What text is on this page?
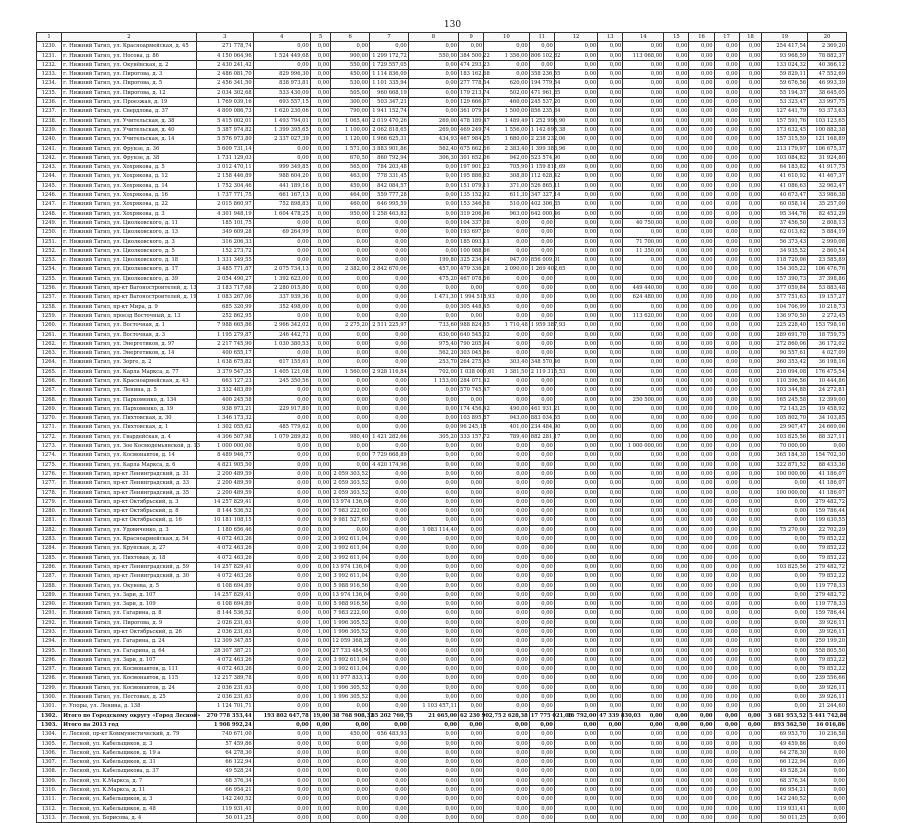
130
1	2	3	4	5	6	7	8	9	10	11	12	13	14	15	16	17	18	19	20
1230.	г. Нижний Тагил, ул. Красноармейская, д. 45	271 778,74	0,00	0,00	0,00	0,00	0,00	0,00	0,00	0,00	0,00	0,00	0,00	0,00	0,00	0,00	0,00	254 417,54	2 369,20
1231.	г. Нижний Тагил, ул. Носова, д. 86	4 150 064,96	1 524 449,68	0,00	900,00	1 299 172,72	550,00	384 500,22	1 356,00	806 102,82	0,00	0,00	113 068,00	0,00	0,00	0,00	0,00	93 968,59	78 882,37
1232.	г. Нижний Тагил, ул. Окунёвская, д. 2	2 430 241,42	0,00	0,00	550,00	1 729 557,05	0,00	474 293,23	0,00	0,00	0,00	0,00	0,00	0,00	0,00	0,00	0,00	133 024,32	40 366,12
1233.	г. Нижний Тагил, ул. Пирогова, д. 3	2 486 081,70	829 996,30	0,00	450,00	1 114 836,09	0,00	183 162,68	0,00	358 236,55	0,00	0,00	0,00	0,00	0,00	0,00	0,00	59 829,11	47 552,69
1234.	г. Нижний Тагил, ул. Пирогова, д. 5	2 456 341,50	838 973,81	0,00	530,00	1 101 335,94	0,00	277 778,54	620,00	194 779,54	0,00	0,00	0,00	0,00	0,00	0,00	0,00	59 676,56	46 993,39
1235.	г. Нижний Тагил, ул. Пирогова, д. 12	2 034 302,68	533 430,09	0,00	505,00	960 668,19	0,00	179 213,74	502,00	471 961,85	0,00	0,00	0,00	0,00	0,00	0,00	0,00	55 194,37	38 645,05
1236.	г. Нижний Тагил, ул. Проезжая, д. 19	1 769 039,16	693 557,15	0,00	300,00	503 347,21	0,00	129 666,07	460,00	245 537,20	0,00	0,00	0,00	0,00	0,00	0,00	0,00	53 323,47	33 997,75
1237.	г. Нижний Тагил, ул. Свердлова, д. 37	4 809 086,73	1 620 230,06	0,00	790,00	1 941 152,74	0,00	361 079,04	1 500,00	856 235,84	0,00	0,00	0,00	0,00	0,00	0,00	0,00	127 441,79	93 373,63
1238.	г. Нижний Тагил, ул. Учительская, д. 38	5 415 002,01	1 493 794,01	0,00	1 065,40	2 019 470,26	269,00	478 189,47	1 489,49	1 252 996,90	0,00	0,00	0,00	0,00	0,00	0,00	0,00	157 591,76	103 123,65
1239.	г. Нижний Тагил, ул. Учительская, д. 40	5 387 974,82	1 399 395,65	0,00	1 100,00	2 062 818,65	269,00	469 249,74	1 556,00	1 142 695,38	0,00	0,00	0,00	0,00	0,00	0,00	0,00	173 632,45	100 882,38
1240.	г. Нижний Тагил, ул. Учительская, д. 14	5 576 973,80	2 337 027,39	0,00	1 120,00	1 966 625,31	434,93	467 984,25	1 680,00	2 238 232,06	0,00	0,00	0,00	0,00	0,00	0,00	0,00	157 315,59	121 168,89
1241.	г. Нижний Тагил, ул. Фрунзе, д. 36	5 609 731,14	0,00	0,00	1 571,00	3 883 901,86	562,40	675 662,56	2 383,40	1 399 383,96	0,00	0,00	0,00	0,00	0,00	0,00	0,00	213 179,97	106 675,37
1242.	г. Нижний Тагил, ул. Фрунзе, д. 38	1 731 129,03	0,00	0,00	670,50	860 792,94	306,30	301 652,06	942,00	523 574,90	0,00	0,00	0,00	0,00	0,00	0,00	0,00	103 084,82	31 924,80
1243.	г. Нижний Тагил, ул. Хохрякова, д. 5	3 012 470,11	999 349,85	0,00	565,00	784 203,48	0,00	197 901,22	705,90	1 159 811,69	0,00	0,00	0,00	0,00	0,00	0,00	0,00	64 183,82	41 917,75
1244.	г. Нижний Тагил, ул. Хохрякова, д. 12	2 158 446,89	988 604,20	0,00	463,00	778 331,45	0,00	195 886,62	308,80	112 628,42	0,00	0,00	0,00	0,00	0,00	0,00	0,00	41 610,92	41 467,37
1245.	г. Нижний Тагил, ул. Хохрякова, д. 14	1 752 304,46	441 189,16	0,00	459,00	842 084,57	0,00	151 079,11	371,00	526 865,11	0,00	0,00	0,00	0,00	0,00	0,00	0,00	41 086,63	32 962,47
1246.	г. Нижний Тагил, ул. Хохрякова, д. 16	1 737 771,75	661 167,13	0,00	464,00	559 777,28	0,00	135 152,92	611,30	347 327,14	0,00	0,00	0,00	0,00	0,00	0,00	0,00	40 673,47	33 986,38
1247.	г. Нижний Тагил, ул. Хохрякова, д. 22	2 015 860,97	752 898,83	0,00	460,00	646 995,59	0,00	153 346,58	510,00	402 306,35	0,00	0,00	0,00	0,00	0,00	0,00	0,00	60 058,14	35 257,09
1248.	г. Нижний Тагил, ул. Хохрякова, д. 3	4 301 948,19	1 604 478,25	0,00	950,00	1 258 463,82	0,00	319 206,96	963,00	642 000,46	0,00	0,00	0,00	0,00	0,00	0,00	0,00	95 344,76	82 452,29
1249.	г. Нижний Тагил, ул. Циолковского, д. 11	185 101,75	0,00	0,00	0,00	0,00	0,00	104 337,08	0,00	0,00	0,00	0,00	40 750,00	0,00	0,00	0,00	0,00	37 456,50	2 808,13
1250.	г. Нижний Тагил, ул. Циолковского, д. 13	349 609,28	69 264,99	0,00	0,00	0,00	0,00	193 697,26	0,00	0,00	0,00	0,00	0,00	0,00	0,00	0,00	0,00	62 013,62	5 884,19
1251.	г. Нижний Тагил, ул. Циолковского, д. 3	316 206,33	0,00	0,00	0,00	0,00	0,00	185 093,11	0,00	0,00	0,00	0,00	71 700,00	0,00	0,00	0,00	0,00	56 373,43	2 990,08
1252.	г. Нижний Тагил, ул. Циолковского, д. 5	152 273,72	0,00	0,00	0,00	0,00	0,00	100 988,66	0,00	0,00	0,00	0,00	11 350,00	0,00	0,00	0,00	0,00	34 935,52	2 860,54
1253.	г. Нижний Тагил, ул. Циолковского, д. 18	1 331 349,55	0,00	0,00	0,00	0,00	199,80	325 234,64	947,00	856 009,01	0,00	0,00	0,00	0,00	0,00	0,00	0,00	118 720,06	23 585,89
1254.	г. Нижний Тагил, ул. Циолковского, д. 17	3 485 771,87	2 075 734,13	0,00	2 382,00	2 842 670,06	457,00	479 336,28	2 090,00	1 269 402,65	0,00	0,00	0,00	0,00	0,00	0,00	0,00	154 305,22	106 476,76
1255.	г. Нижний Тагил, ул. Циолковского, д. 39	2 054 490,27	1 392 623,00	0,00	0,00	0,00	475,20	467 078,56	0,00	0,00	0,00	0,00	0,00	0,00	0,00	0,00	0,00	157 390,73	37 398,86
1256.	г. Нижний Тагил, пр-кт Вагоностроителей, д. 13	3 183 717,68	2 280 015,80	0,00	0,00	0,00	0,00	0,00	0,00	0,00	0,00	0,00	449 440,00	0,00	0,00	0,00	0,00	377 059,84	53 883,48
1257.	г. Нижний Тагил, пр-кт Вагоностроителей, д. 19	1 083 267,06	337 939,36	0,00	0,00	0,00	1 471,30	1 994 518,93	0,00	0,00	0,00	0,00	624 480,00	0,00	0,00	0,00	0,00	577 751,63	19 157,27
1258.	г. Нижний Тагил, пр-кт Мира, д. 9	685 320,99	352 498,00	0,00	0,00	0,00	0,00	305 448,45	0,00	0,00	0,00	0,00	0,00	0,00	0,00	0,00	0,00	104 706,99	10 218,73
1259.	г. Нижний Тагил, проезд Восточный, д. 13	252 862,95	0,00	0,00	0,00	0,00	0,00	0,00	0,00	0,00	0,00	0,00	113 620,00	0,00	0,00	0,00	0,00	136 970,50	2 272,45
1260.	г. Нижний Тагил, ул. Восточная, д. 1	7 988 665,86	2 966 342,02	0,00	2 275,20	2 511 225,97	733,60	988 824,65	1 710,48	1 959 387,93	0,00	0,00	0,00	0,00	0,00	0,00	0,00	225 228,40	153 798,16
1261.	г. Нижний Тагил, ул. Восточная, д. 3	1 195 279,87	246 442,71	0,00	0,00	0,00	630,00	640 545,02	0,00	0,00	0,00	0,00	0,00	0,00	0,00	0,00	0,00	289 691,70	18 759,75
1262.	г. Нижний Тагил, ул. Энергетиков, д. 97	2 217 745,90	1 030 380,53	0,00	0,00	0,00	975,40	790 205,94	0,00	0,00	0,00	0,00	0,00	0,00	0,00	0,00	0,00	272 860,06	36 172,02
1263.	г. Нижний Тагил, ул. Энергетиков, д. 14	400 655,17	0,00	0,00	0,00	0,00	562,20	303 045,86	0,00	0,00	0,00	0,00	0,00	0,00	0,00	0,00	0,00	90 557,61	4 027,09
1264.	г. Нижний Тагил, ул. Зорге, д. 2	1 638 675,82	617 155,61	0,00	0,00	0,00	253,70	264 275,45	303,40	348 570,46	0,00	0,00	0,00	0,00	0,00	0,00	0,00	360 353,42	36 198,16
1265.	г. Нижний Тагил, ул. Карла Маркса, д. 77	3 379 547,35	1 405 121,08	0,00	1 560,00	2 928 116,84	702,00	1 038 000,61	1 381,50	2 119 315,53	0,00	0,00	0,00	0,00	0,00	0,00	0,00	216 094,08	176 475,54
1266.	г. Нижний Тагил, ул. Красноармейская, д. 43	663 127,23	245 350,56	0,00	0,00	0,00	1 153,00	284 071,42	0,00	0,00	0,00	0,00	0,00	0,00	0,00	0,00	0,00	110 396,56	10 444,86
1267.	г. Нижний Тагил, ул. Ленина, д. 5	3 332 483,89	0,00	0,00	0,00	0,00	0,00	570 745,47	0,00	0,00	0,00	0,00	0,00	0,00	0,00	0,00	0,00	103 344,88	24 272,81
1268.	г. Нижний Тагил, ул. Пархоменко, д. 134	400 245,58	0,00	0,00	0,00	0,00	0,00	0,00	0,00	0,00	0,00	0,00	250 500,00	0,00	0,00	0,00	0,00	165 245,58	12 399,00
1269.	г. Нижний Тагил, ул. Пархоменко, д. 19	938 973,21	229 917,80	0,00	0,00	0,00	0,00	174 456,42	490,00	461 931,21	0,00	0,00	0,00	0,00	0,00	0,00	0,00	72 143,25	19 458,92
1270.	г. Нижний Тагил, ул. Пихтовская, д. 30	1 346 173,32	0,00	0,00	0,00	0,00	0,00	103 895,87	943,00	883 034,55	0,00	0,00	0,00	0,00	0,00	0,00	0,00	105 802,70	34 103,85
1271.	г. Нижний Тагил, ул. Пихтовская, д. 1	1 302 055,62	485 779,62	0,00	0,00	0,00	0,00	96 245,18	401,00	234 484,90	0,00	0,00	0,00	0,00	0,00	0,00	0,00	29 907,47	24 669,06
1272.	г. Нижний Тагил, ул. Гвардейская, д. 4	4 306 507,98	1 079 289,82	0,00	980,40	1 421 282,66	305,20	333 157,72	789,40	882 281,17	0,00	0,00	0,00	0,00	0,00	0,00	0,00	103 825,56	88 327,11
1273.	г. Нижний Тагил, ул. Зое Космодемьянской, д. 13	1 000 000,00	0,00	0,00	0,00	0,00	0,00	0,00	0,00	0,00	0,00	0,00	1 000 000,00	0,00	0,00	0,00	0,00	70 000,00	0,00
1274.	г. Нижний Тагил, ул. Космонавтов, д. 14	8 489 946,77	0,00	0,00	0,00	7 729 668,89	0,00	0,00	0,00	0,00	0,00	0,00	0,00	0,00	0,00	0,00	0,00	365 184,30	154 702,30
1275.	г. Нижний Тагил, ул. Карла Маркса, д. 6	4 821 905,50	0,00	0,00	0,00	4 420 174,96	0,00	0,00	0,00	0,00	0,00	0,00	0,00	0,00	0,00	0,00	0,00	322 871,52	88 433,36
1276.	г. Нижний Тагил, пр-кт Ленинградский, д. 31	2 200 489,59	0,00	0,00	2 059 303,52	0,00	0,00	0,00	0,00	0,00	0,00	0,00	0,00	0,00	0,00	0,00	0,00	100 000,00	41 186,07
1277.	г. Нижний Тагил, пр-кт Ленинградский, д. 33	2 200 489,59	0,00	0,00	2 059 303,52	0,00	0,00	0,00	0,00	0,00	0,00	0,00	0,00	0,00	0,00	0,00	0,00	0,00	41 186,07
1278.	г. Нижний Тагил, пр-кт Ленинградский, д. 35	2 200 489,59	0,00	0,00	2 059 303,52	0,00	0,00	0,00	0,00	0,00	0,00	0,00	0,00	0,00	0,00	0,00	0,00	100 000,00	41 186,07
1279.	г. Нижний Тагил, пр-кт Октябрьский, д. 3	14 257 829,41	0,00	0,00	13 974 136,04	0,00	0,00	0,00	0,00	0,00	0,00	0,00	0,00	0,00	0,00	0,00	0,00	0,00	279 482,72
1280.	г. Нижний Тагил, пр-кт Октябрьский, д. 8	8 144 536,52	0,00	0,00	7 983 222,00	0,00	0,00	0,00	0,00	0,00	0,00	0,00	0,00	0,00	0,00	0,00	0,00	0,00	159 786,44
1281.	г. Нижний Тагил, пр-кт Октябрьский, д. 16	10 181 108,15	0,00	0,00	9 981 527,60	0,00	0,00	0,00	0,00	0,00	0,00	0,00	0,00	0,00	0,00	0,00	0,00	0,00	199 630,55
1282.	г. Нижний Тагил, ул. Удовиченко, д. 3	1 180 656,46	0,00	0,00	0,00	0,00	1 083 114,40	0,00	0,00	0,00	0,00	0,00	0,00	0,00	0,00	0,00	0,00	75 270,00	22 702,29
1283.	г. Нижний Тагил, ул. Красноармейская, д. 54	4 072 463,26	0,00	2,00	3 992 611,04	0,00	0,00	0,00	0,00	0,00	0,00	0,00	0,00	0,00	0,00	0,00	0,00	0,00	79 852,22
1284.	г. Нижний Тагил, ул. Крупская, д. 27	4 072 463,26	0,00	2,00	3 992 611,04	0,00	0,00	0,00	0,00	0,00	0,00	0,00	0,00	0,00	0,00	0,00	0,00	0,00	79 852,22
1285.	г. Нижний Тагил, ул. Пихтовая, д. 18	4 072 463,26	0,00	2,00	3 992 611,04	0,00	0,00	0,00	0,00	0,00	0,00	0,00	0,00	0,00	0,00	0,00	0,00	0,00	79 852,22
1286.	г. Нижний Тагил, пр-кт Ленинградский, д. 59	14 257 829,41	0,00	0,00	13 974 136,04	0,00	0,00	0,00	0,00	0,00	0,00	0,00	0,00	0,00	0,00	0,00	0,00	103 825,56	279 482,72
1287.	г. Нижний Тагил, пр-кт Ленинградский, д. 30	4 072 463,26	0,00	2,00	3 992 611,04	0,00	0,00	0,00	0,00	0,00	0,00	0,00	0,00	0,00	0,00	0,00	0,00	0,00	79 852,22
1288.	г. Нижний Тагил, ул. Окунева, д. 5	6 108 694,89	0,00	0,00	5 988 916,56	0,00	0,00	0,00	0,00	0,00	0,00	0,00	0,00	0,00	0,00	0,00	0,00	0,00	119 778,33
1289.	г. Нижний Тагил, ул. Зари, д. 107	14 257 829,41	0,00	0,00	13 974 136,04	0,00	0,00	0,00	0,00	0,00	0,00	0,00	0,00	0,00	0,00	0,00	0,00	0,00	279 482,72
1290.	г. Нижний Тагил, ул. Зари, д. 109	6 108 694,89	0,00	0,00	5 988 916,56	0,00	0,00	0,00	0,00	0,00	0,00	0,00	0,00	0,00	0,00	0,00	0,00	0,00	119 778,33
1291.	г. Нижний Тагил, ул. Гагарина, д. 8	8 144 536,52	0,00	0,00	7 983 222,00	0,00	0,00	0,00	0,00	0,00	0,00	0,00	0,00	0,00	0,00	0,00	0,00	0,00	159 786,44
1292.	г. Нижний Тагил, ул. Пирогова, д. 9	2 026 231,63	0,00	1,00	1 996 305,52	0,00	0,00	0,00	0,00	0,00	0,00	0,00	0,00	0,00	0,00	0,00	0,00	0,00	39 926,11
1293.	г. Нижний Тагил, пр-кт Октябрьский, д. 26	2 036 231,63	0,00	1,00	1 996 305,52	0,00	0,00	0,00	0,00	0,00	0,00	0,00	0,00	0,00	0,00	0,00	0,00	0,00	39 926,11
1294.	г. Нижний Тагил, ул. Гагарина, д. 24	12 309 347,85	0,00	0,00	12 059 368,28	0,00	0,00	0,00	0,00	0,00	0,00	0,00	0,00	0,00	0,00	0,00	0,00	0,00	259 199,20
1295.	г. Нижний Тагил, ул. Гагарина, д. 64	28 307 387,21	0,00	0,00	27 733 484,50	0,00	0,00	0,00	0,00	0,00	0,00	0,00	0,00	0,00	0,00	0,00	0,00	0,00	558 805,50
1296.	г. Нижний Тагил, ул. Зари, д. 107	4 072 463,26	0,00	2,00	3 992 611,04	0,00	0,00	0,00	0,00	0,00	0,00	0,00	0,00	0,00	0,00	0,00	0,00	0,00	79 852,22
1297.	г. Нижний Тагил, ул. Космонавтов, д. 111	4 072 463,26	0,00	2,00	3 992 611,04	0,00	0,00	0,00	0,00	0,00	0,00	0,00	0,00	0,00	0,00	0,00	0,00	0,00	79 852,22
1298.	г. Нижний Тагил, ул. Космонавтов, д. 115	12 217 389,78	0,00	6,00	11 977 833,12	0,00	0,00	0,00	0,00	0,00	0,00	0,00	0,00	0,00	0,00	0,00	0,00	0,00	239 556,66
1299.	г. Нижний Тагил, ул. Космонавтов, д. 24	2 036 231,63	0,00	1,00	1 996 305,52	0,00	0,00	0,00	0,00	0,00	0,00	0,00	0,00	0,00	0,00	0,00	0,00	0,00	39 926,11
1300.	г. Нижний Тагил, ул. Пестовых, д. 25	2 036 231,63	0,00	1,00	1 996 305,52	0,00	0,00	0,00	0,00	0,00	0,00	0,00	0,00	0,00	0,00	0,00	0,00	0,00	39 926,11
1301.	г. Упоры, ул. Ленина, д. 138	1 124 701,71	0,00	0,00	0,00	0,00	1 103 457,11	0,00	0,00	0,00	0,00	0,00	0,00	0,00	0,00	0,00	0,00	0,00	21 244,60
1302.	Итого по Городскому округу «Город Лесной»	270 778 353,44	193 802 647,78	19,00	38 768 908,32	65 202 760,75	21 665,00	62 230 902,75	2 628,38	17 775 021,06	16 792,00	47 339 830,03	0,00	0,00	0,00	0,00	0,00	3 681 953,52	5 441 742,86
1303.	Итого на 2013 год	1 908 992,24	0,00	0,00	0,00	0,00	0,00	0,00	0,00	0,00	0,00	0,00	0,00	0,00	0,00	0,00	0,00	893 562,50	16 016,86
1304.	г. Лесной, пр-кт Коммунистический, д. 79	740 671,00	0,00	0,00	450,00	656 483,93	0,00	0,00	0,00	0,00	0,00	0,00	0,00	0,00	0,00	0,00	0,00	69 953,70	10 236,58
1305.	г. Лесной, ул. Кабельщиков, д. 3	57 459,86	0,00	0,00	0,00	0,00	0,00	0,00	0,00	0,00	0,00	0,00	0,00	0,00	0,00	0,00	0,00	49 459,86	0,00
1306.	г. Лесной, ул. Кабельщиков, д. 19 а	64 278,30	0,00	0,00	0,00	0,00	0,00	0,00	0,00	0,00	0,00	0,00	0,00	0,00	0,00	0,00	0,00	64 278,30	0,00
1307.	г. Лесной, ул. Кабельщиков, д. 31	66 122,94	0,00	0,00	0,00	0,00	0,00	0,00	0,00	0,00	0,00	0,00	0,00	0,00	0,00	0,00	0,00	66 122,94	0,00
1308.	г. Лесной, ул. Кабельщикова, д. 37	49 528,24	0,00	0,00	0,00	0,00	0,00	0,00	0,00	0,00	0,00	0,00	0,00	0,00	0,00	0,00	0,00	49 528,24	0,00
1309.	г. Лесной, ул. К.Маркса, д. 7	68 376,34	0,00	0,00	0,00	0,00	0,00	0,00	0,00	0,00	0,00	0,00	0,00	0,00	0,00	0,00	0,00	68 376,34	0,00
1310.	г. Лесной, ул. К.Маркса, д. 11	66 954,21	0,00	0,00	0,00	0,00	0,00	0,00	0,00	0,00	0,00	0,00	0,00	0,00	0,00	0,00	0,00	66 954,21	0,00
1311.	г. Лесной, ул. Кабельщиков, д. 3	142 240,52	0,00	0,00	0,00	0,00	0,00	0,00	0,00	0,00	0,00	0,00	0,00	0,00	0,00	0,00	0,00	142 240,52	0,00
1312.	г. Лесной, ул. Кабельщиков, д. 48	119 931,41	0,00	0,00	0,00	0,00	0,00	0,00	0,00	0,00	0,00	0,00	0,00	0,00	0,00	0,00	0,00	119 931,41	0,00
1313.	г. Лесной, ул. Борисова, д. 4	50 011,25	0,00	0,00	0,00	0,00	0,00	0,00	0,00	0,00	0,00	0,00	0,00	0,00	0,00	0,00	0,00	50 011,25	0,00
